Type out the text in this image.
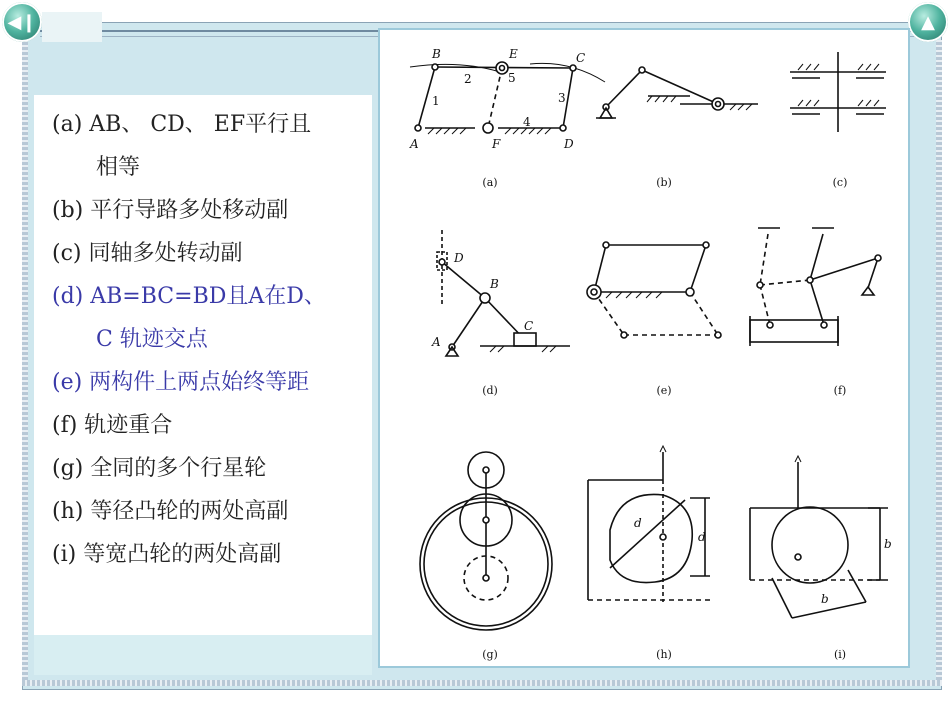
◀❙	▲
(a) AB、 CD、 EF平行且
相等
(b) 平行导路多处移动副
(c) 同轴多处转动副
(d) AB=BC=BD且A在D、
C 轨迹交点
(e) 两构件上两点始终等距
(f) 轨迹重合
(g) 全同的多个行星轮
(h) 等径凸轮的两处高副
(i) 等宽凸轮的两处高副
B	E	C
A	F	D
1
2
3
4
5
D
B
C
A
d
d	b
b
(a)	(b)	(c)
(d)	(e)	(f)
(g)	(h)	(i)
